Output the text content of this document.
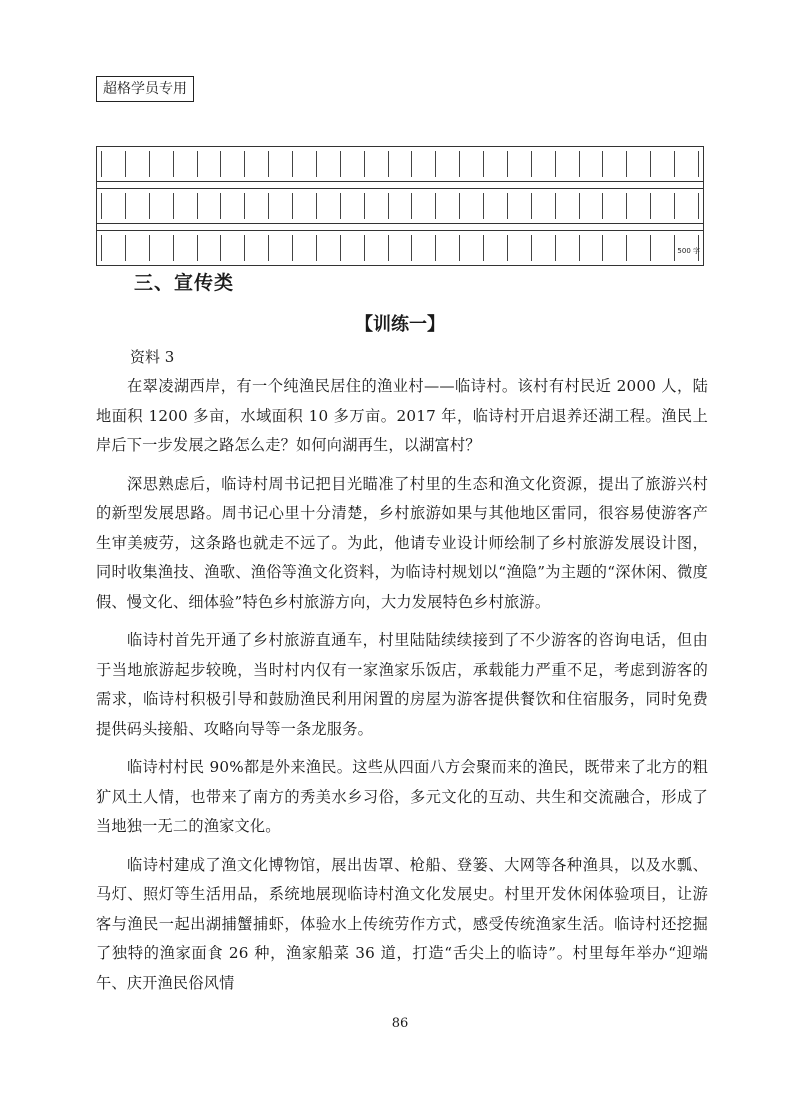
超格学员专用
500 字
三、宣传类
【训练一】
资料 3

在翠凌湖西岸，有一个纯渔民居住的渔业村——临诗村。该村有村民近 2000 人，陆地面积 1200 多亩，水域面积 10 多万亩。2017 年，临诗村开启退养还湖工程。渔民上岸后下一步发展之路怎么走？如何向湖再生，以湖富村？

深思熟虑后，临诗村周书记把目光瞄准了村里的生态和渔文化资源，提出了旅游兴村的新型发展思路。周书记心里十分清楚，乡村旅游如果与其他地区雷同，很容易使游客产生审美疲劳，这条路也就走不远了。为此，他请专业设计师绘制了乡村旅游发展设计图，同时收集渔技、渔歌、渔俗等渔文化资料，为临诗村规划以“渔隐”为主题的“深休闲、微度假、慢文化、细体验”特色乡村旅游方向，大力发展特色乡村旅游。

临诗村首先开通了乡村旅游直通车，村里陆陆续续接到了不少游客的咨询电话，但由于当地旅游起步较晚，当时村内仅有一家渔家乐饭店，承载能力严重不足，考虑到游客的需求，临诗村积极引导和鼓励渔民利用闲置的房屋为游客提供餐饮和住宿服务，同时免费提供码头接船、攻略向导等一条龙服务。

临诗村村民 90%都是外来渔民。这些从四面八方会聚而来的渔民，既带来了北方的粗犷风土人情，也带来了南方的秀美水乡习俗，多元文化的互动、共生和交流融合，形成了当地独一无二的渔家文化。

临诗村建成了渔文化博物馆，展出齿罩、枪船、登篓、大网等各种渔具，以及水瓢、马灯、照灯等生活用品，系统地展现临诗村渔文化发展史。村里开发休闲体验项目，让游客与渔民一起出湖捕蟹捕虾，体验水上传统劳作方式，感受传统渔家生活。临诗村还挖掘了独特的渔家面食 26 种，渔家船菜 36 道，打造“舌尖上的临诗”。村里每年举办“迎端午、庆开渔民俗风情

86
